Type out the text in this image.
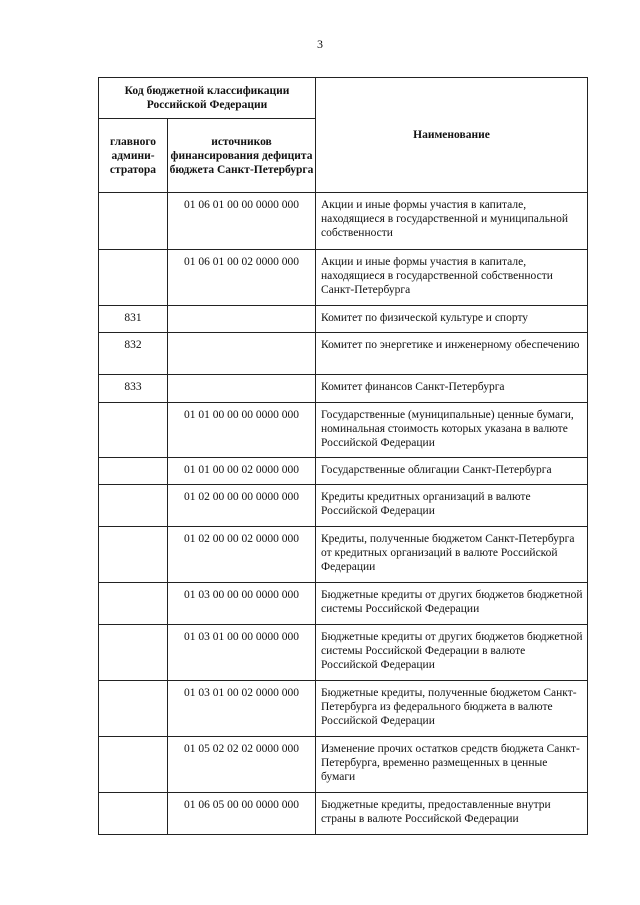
3
Код бюджетной классификации Российской Федерации		Наименование
главного админи-стратора	источников финансирования дефицита бюджета Санкт-Петербурга	
	01 06 01 00 00 0000 000	Акции и иные формы участия в капитале, находящиеся в государственной и муниципальной собственности
	01 06 01 00 02 0000 000	Акции и иные формы участия в капитале, находящиеся в государственной собственности Санкт-Петербурга
831		Комитет по физической культуре и спорту
832		Комитет по энергетике и инженерному обеспечению
833		Комитет финансов Санкт-Петербурга
	01 01 00 00 00 0000 000	Государственные (муниципальные) ценные бумаги, номинальная стоимость которых указана в валюте Российской Федерации
	01 01 00 00 02 0000 000	Государственные облигации Санкт-Петербурга
	01 02 00 00 00 0000 000	Кредиты кредитных организаций в валюте Российской Федерации
	01 02 00 00 02 0000 000	Кредиты, полученные бюджетом Санкт-Петербурга от кредитных организаций в валюте Российской Федерации
	01 03 00 00 00 0000 000	Бюджетные кредиты от других бюджетов бюджетной системы Российской Федерации
	01 03 01 00 00 0000 000	Бюджетные кредиты от других бюджетов бюджетной системы Российской Федерации в валюте Российской Федерации
	01 03 01 00 02 0000 000	Бюджетные кредиты, полученные бюджетом Санкт-Петербурга из федерального бюджета в валюте Российской Федерации
	01 05 02 02 02 0000 000	Изменение прочих остатков средств бюджета Санкт-Петербурга, временно размещенных в ценные бумаги
	01 06 05 00 00 0000 000	Бюджетные кредиты, предоставленные внутри страны в валюте Российской Федерации
